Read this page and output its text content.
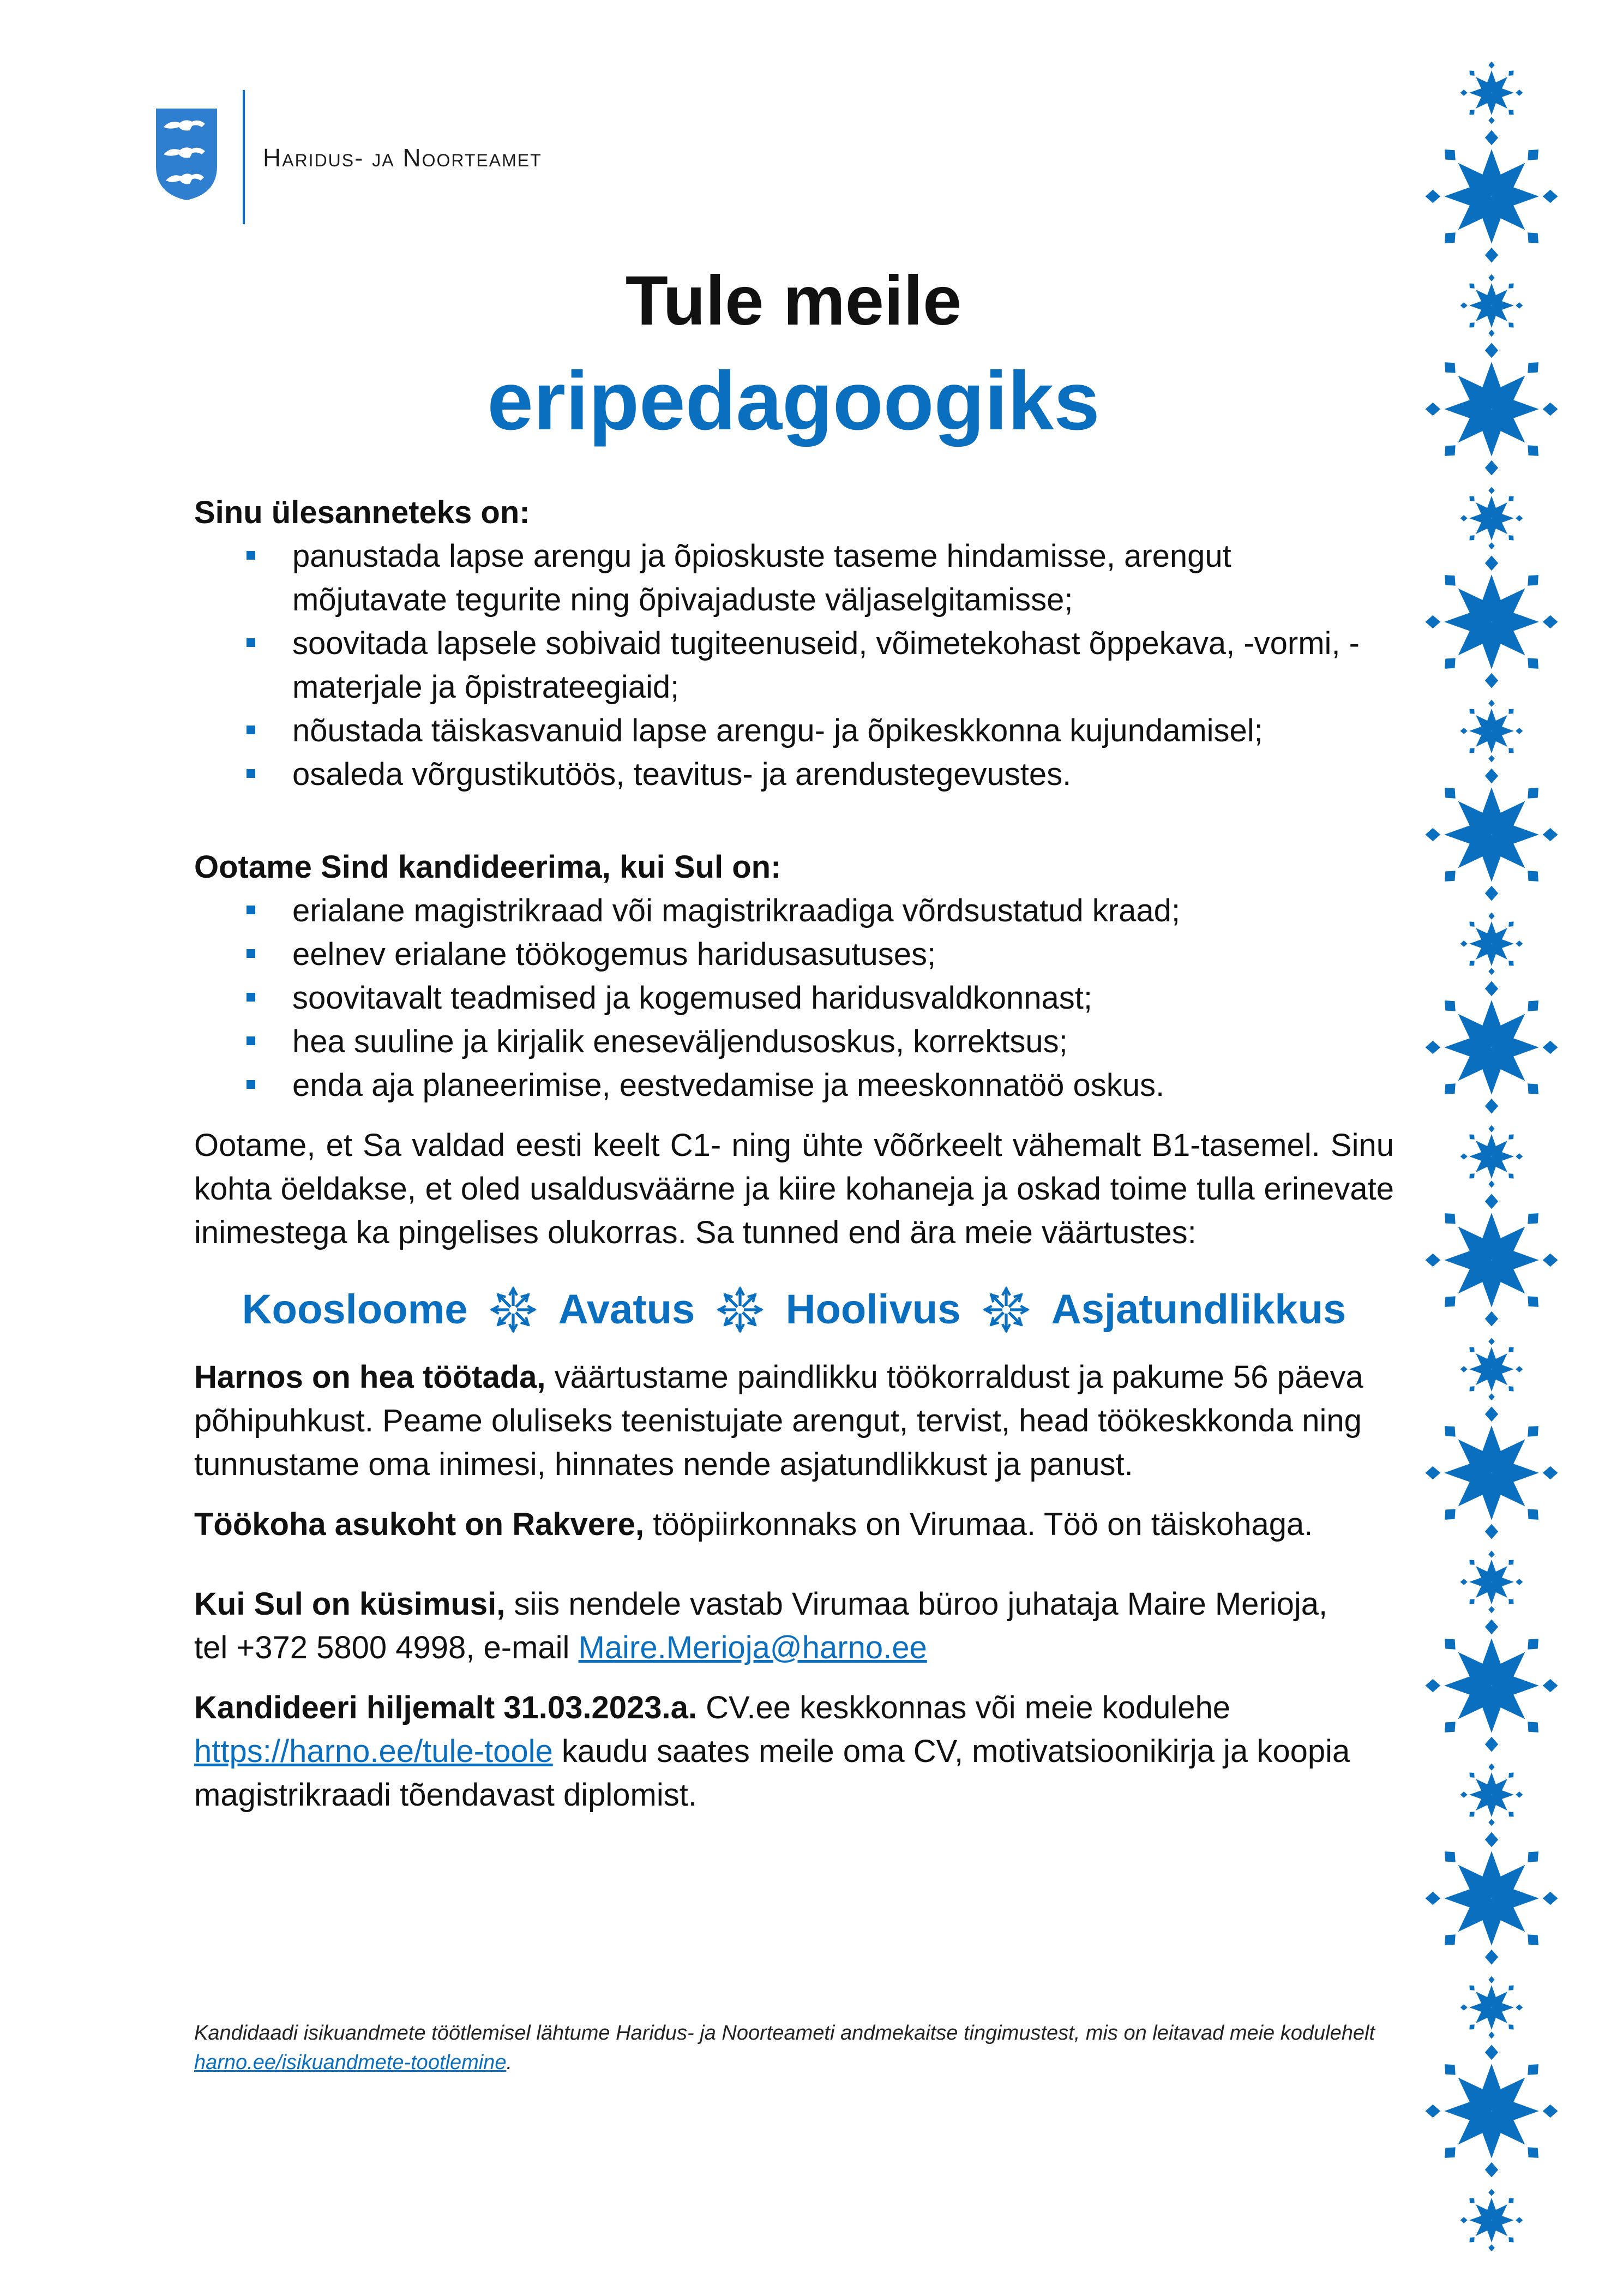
Haridus- ja Noorteamet
Tule meile
eripedagoogiks

Sinu ülesanneteks on:

panustada lapse arengu ja õpioskuste taseme hindamisse, arengut mõjutavate tegurite ning õpivajaduste väljaselgitamisse;
soovitada lapsele sobivaid tugiteenuseid, võimetekohast õppekava, -vormi, -materjale ja õpistrateegiaid;
nõustada täiskasvanuid lapse arengu- ja õpikeskkonna kujundamisel;
osaleda võrgustikutöös, teavitus- ja arendustegevustes.

Ootame Sind kandideerima, kui Sul on:

erialane magistrikraad või magistrikraadiga võrdsustatud kraad;
eelnev erialane töökogemus haridusasutuses;
soovitavalt teadmised ja kogemused haridusvaldkonnast;
hea suuline ja kirjalik eneseväljendusoskus, korrektsus;
enda aja planeerimise, eestvedamise ja meeskonnatöö oskus.

Ootame, et Sa valdad eesti keelt C1- ning ühte võõrkeelt vähemalt B1-tasemel. Sinu kohta öeldakse, et oled usaldusväärne ja kiire kohaneja ja oskad toime tulla erinevate inimestega ka pingelises olukorras. Sa tunned end ära meie väärtustes:

Koosloome Avatus Hoolivus Asjatundlikkus

Harnos on hea töötada, väärtustame paindlikku töökorraldust ja pakume 56 päeva põhipuhkust. Peame oluliseks teenistujate arengut, tervist, head töökeskkonda ning tunnustame oma inimesi, hinnates nende asjatundlikkust ja panust.

Töökoha asukoht on Rakvere, tööpiirkonnaks on Virumaa. Töö on täiskohaga.

Kui Sul on küsimusi, siis nendele vastab Virumaa büroo juhataja Maire Merioja,
tel +372 5800 4998, e-mail Maire.Merioja@harno.ee

Kandideeri hiljemalt 31.03.2023.a. CV.ee keskkonnas või meie kodulehe
https://harno.ee/tule-toole kaudu saates meile oma CV, motivatsioonikirja ja koopia magistrikraadi tõendavast diplomist.

Kandidaadi isikuandmete töötlemisel lähtume Haridus- ja Noorteameti andmekaitse tingimustest, mis on leitavad meie kodulehelt harno.ee/isikuandmete-tootlemine.
